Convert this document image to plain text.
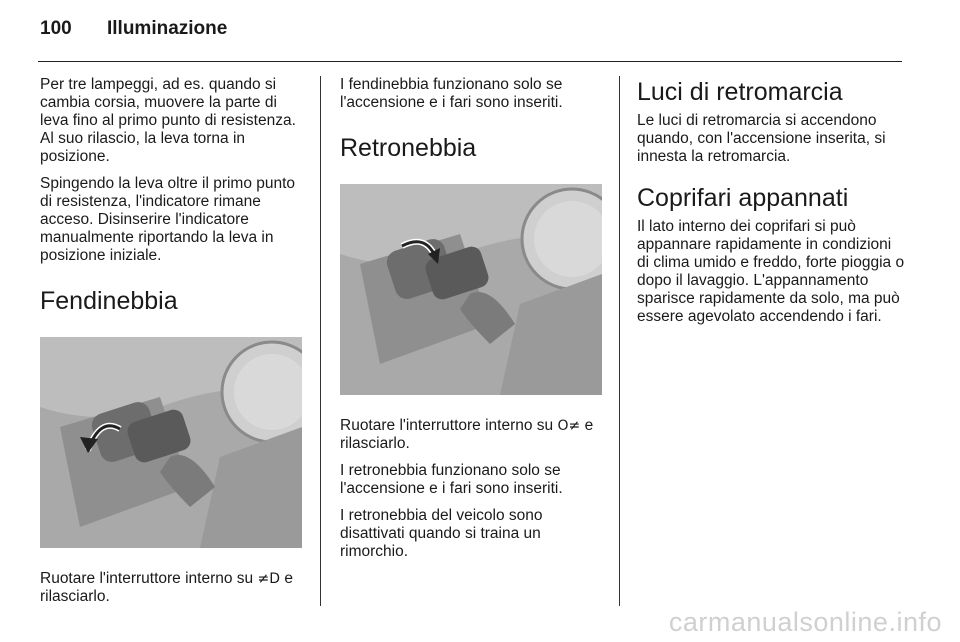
100 Illuminazione

Per tre lampeggi, ad es. quando si cambia corsia, muovere la parte di leva fino al primo punto di resistenza. Al suo rilascio, la leva torna in posizione.

Spingendo la leva oltre il primo punto di resistenza, l'indicatore rimane acceso. Disinserire l'indicatore manualmente riportando la leva in posizione iniziale.

Fendinebbia

Ruotare l'interruttore interno su ≠D e rilasciarlo.

I fendinebbia funzionano solo se l'accensione e i fari sono inseriti.

Retronebbia

Ruotare l'interruttore interno su O≠ e rilasciarlo.

I retronebbia funzionano solo se l'accensione e i fari sono inseriti.

I retronebbia del veicolo sono disattivati quando si traina un rimorchio.

Luci di retromarcia

Le luci di retromarcia si accendono quando, con l'accensione inserita, si innesta la retromarcia.

Coprifari appannati

Il lato interno dei coprifari si può appannare rapidamente in condizioni di clima umido e freddo, forte pioggia o dopo il lavaggio. L'appannamento sparisce rapidamente da solo, ma può essere agevolato accendendo i fari.

carmanualsonline.info
